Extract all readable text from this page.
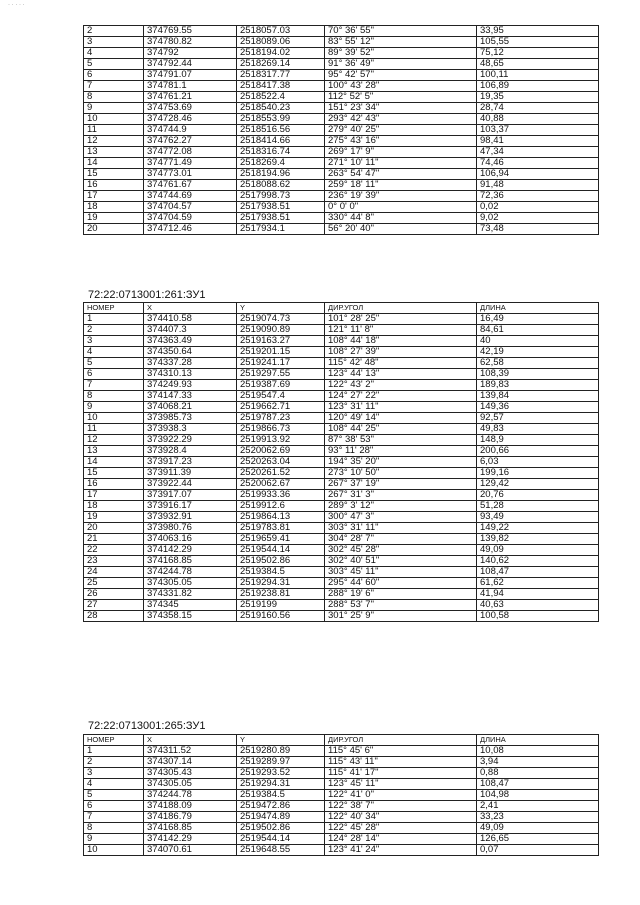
· · · · ·
2	374769.55	2518057.03	70° 36' 55"	33,95
3	374780.82	2518089.06	83° 55' 12"	105,55
4	374792	2518194.02	89° 39' 52"	75,12
5	374792.44	2518269.14	91° 36' 49"	48,65
6	374791.07	2518317.77	95° 42' 57"	100,11
7	374781.1	2518417.38	100° 43' 28"	106,89
8	374761.21	2518522.4	112° 52' 5"	19,35
9	374753.69	2518540.23	151° 23' 34"	28,74
10	374728.46	2518553.99	293° 42' 43"	40,88
11	374744.9	2518516.56	279° 40' 25"	103,37
12	374762.27	2518414.66	275° 43' 16"	98,41
13	374772.08	2518316.74	269° 17' 9"	47,34
14	374771.49	2518269.4	271° 10' 11"	74,46
15	374773.01	2518194.96	263° 54' 47"	106,94
16	374761.67	2518088.62	259° 18' 11"	91,48
17	374744.69	2517998.73	236° 19' 39"	72,36
18	374704.57	2517938.51	0° 0' 0"	0,02
19	374704.59	2517938.51	330° 44' 8"	9,02
20	374712.46	2517934.1	56° 20' 40"	73,48
72:22:0713001:261:ЗУ1
НОМЕР	X	Y	ДИР.УГОЛ	ДЛИНА
1	374410.58	2519074.73	101° 28' 25"	16,49
2	374407.3	2519090.89	121° 11' 8"	84,61
3	374363.49	2519163.27	108° 44' 18"	40
4	374350.64	2519201.15	108° 27' 39"	42,19
5	374337.28	2519241.17	115° 42' 48"	62,58
6	374310.13	2519297.55	123° 44' 13"	108,39
7	374249.93	2519387.69	122° 43' 2"	189,83
8	374147.33	2519547.4	124° 27' 22"	139,84
9	374068.21	2519662.71	123° 31' 11"	149,36
10	373985.73	2519787.23	120° 49' 14"	92,57
11	373938.3	2519866.73	108° 44' 25"	49,83
12	373922.29	2519913.92	87° 38' 53"	148,9
13	373928.4	2520062.69	93° 11' 28"	200,66
14	373917.23	2520263.04	194° 35' 20"	6,03
15	373911.39	2520261.52	273° 10' 50"	199,16
16	373922.44	2520062.67	267° 37' 19"	129,42
17	373917.07	2519933.36	267° 31' 3"	20,76
18	373916.17	2519912.6	289° 3' 12"	51,28
19	373932.91	2519864.13	300° 47' 3"	93,49
20	373980.76	2519783.81	303° 31' 11"	149,22
21	374063.16	2519659.41	304° 28' 7"	139,82
22	374142.29	2519544.14	302° 45' 28"	49,09
23	374168.85	2519502.86	302° 40' 51"	140,62
24	374244.78	2519384.5	303° 45' 11"	108,47
25	374305.05	2519294.31	295° 44' 60"	61,62
26	374331.82	2519238.81	288° 19' 6"	41,94
27	374345	2519199	288° 53' 7"	40,63
28	374358.15	2519160.56	301° 25' 9"	100,58
72:22:0713001:265:ЗУ1
НОМЕР	X	Y	ДИР.УГОЛ	ДЛИНА
1	374311.52	2519280.89	115° 45' 6"	10,08
2	374307.14	2519289.97	115° 43' 11"	3,94
3	374305.43	2519293.52	115° 41' 17"	0,88
4	374305.05	2519294.31	123° 45' 11"	108,47
5	374244.78	2519384.5	122° 41' 0"	104,98
6	374188.09	2519472.86	122° 38' 7"	2,41
7	374186.79	2519474.89	122° 40' 34"	33,23
8	374168.85	2519502.86	122° 45' 28"	49,09
9	374142.29	2519544.14	124° 28' 14"	126,65
10	374070.61	2519648.55	123° 41' 24"	0,07
